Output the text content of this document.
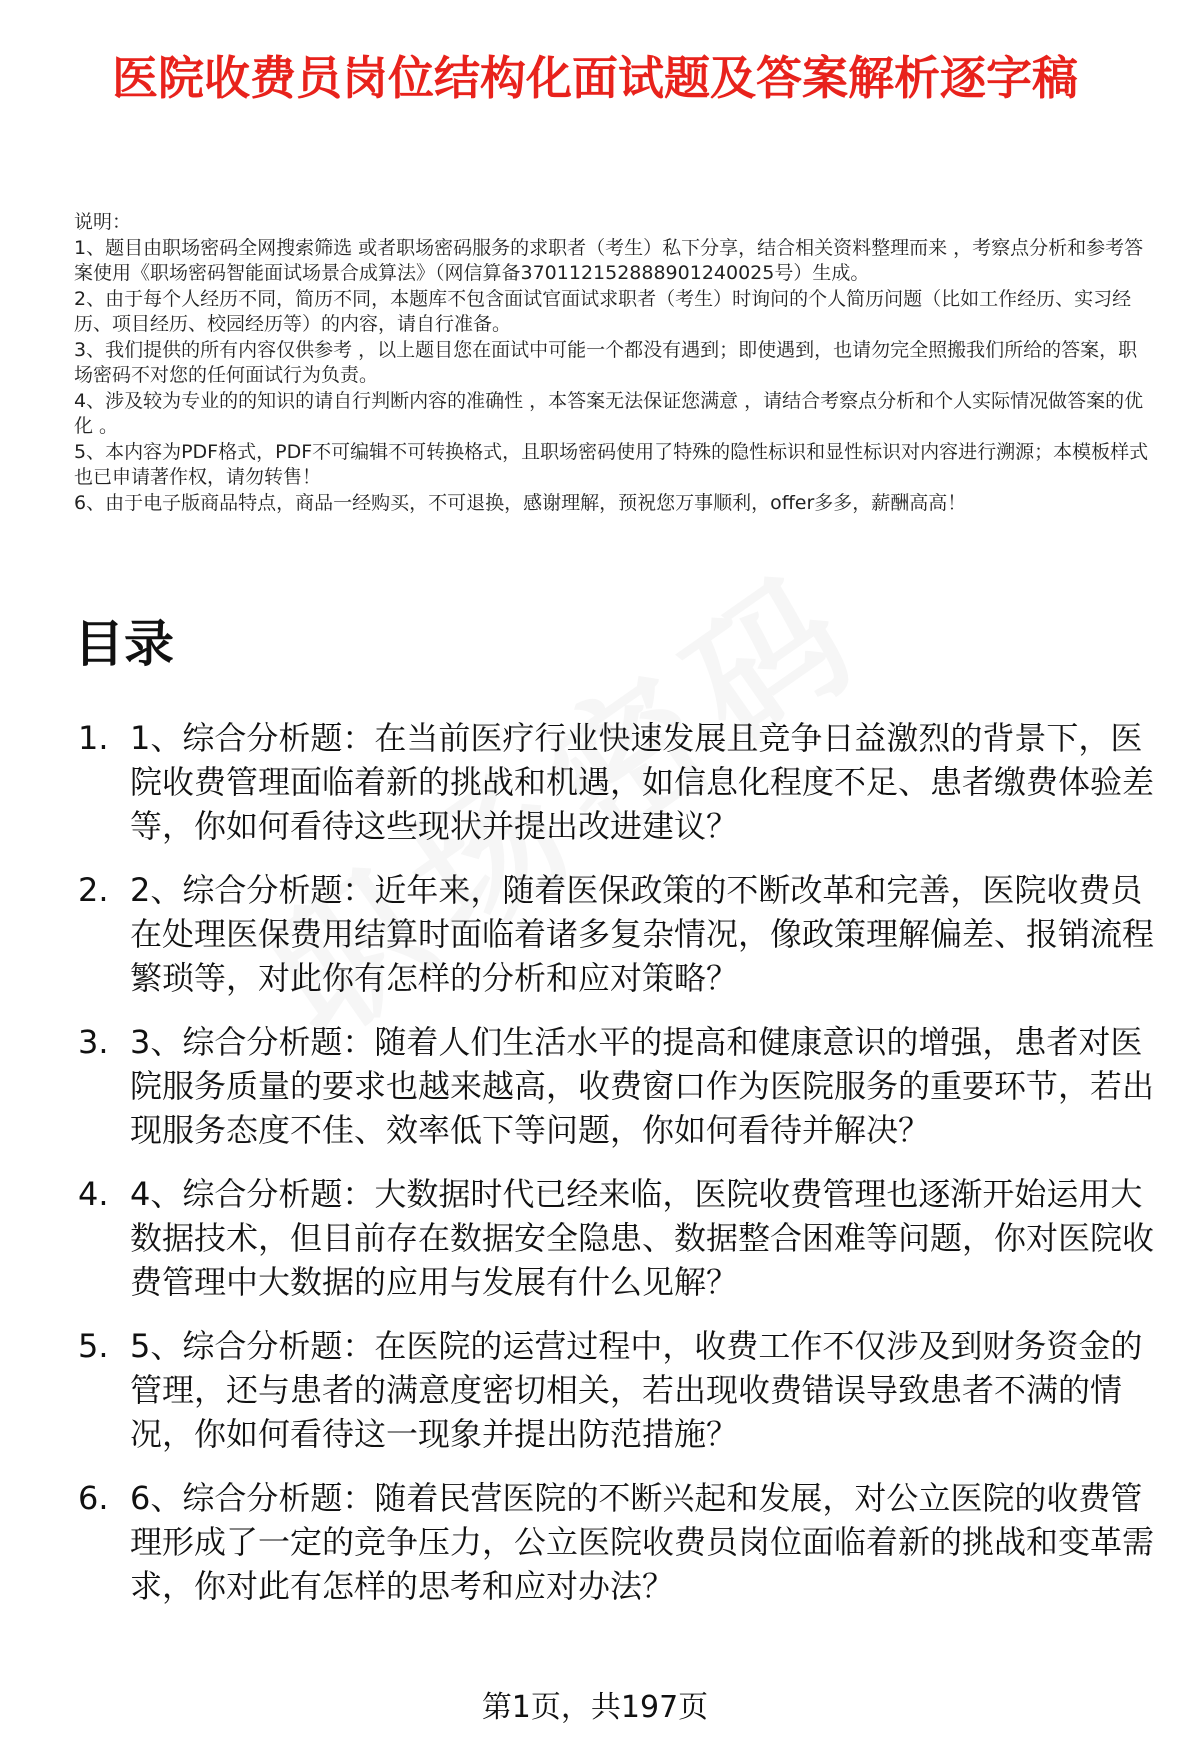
医院收费员岗位结构化面试题及答案解析逐字稿

说明：

1、题目由职场密码全网搜索筛选 或者职场密码服务的求职者（考生）私下分享，结合相关资料整理而来 ，考察点分析和参考答案使用《职场密码智能面试场景合成算法》（网信算备370112152888901240025号）生成。

2、由于每个人经历不同，简历不同，本题库不包含面试官面试求职者（考生）时询问的个人简历问题（比如工作经历、实习经历、项目经历、校园经历等）的内容，请自行准备。

3、我们提供的所有内容仅供参考 ，以上题目您在面试中可能一个都没有遇到；即使遇到，也请勿完全照搬我们所给的答案，职场密码不对您的任何面试行为负责。

4、涉及较为专业的的知识的请自行判断内容的准确性 ，本答案无法保证您满意 ，请结合考察点分析和个人实际情况做答案的优化 。

5、本内容为PDF格式，PDF不可编辑不可转换格式，且职场密码使用了特殊的隐性标识和显性标识对内容进行溯源；本模板样式也已申请著作权，请勿转售！

6、由于电子版商品特点，商品一经购买，不可退换，感谢理解，预祝您万事顺利，offer多多，薪酬高高！

目录
1. 1、综合分析题：在当前医疗行业快速发展且竞争日益激烈的背景下，医院收费管理面临着新的挑战和机遇，如信息化程度不足、患者缴费体验差等，你如何看待这些现状并提出改进建议？
2. 2、综合分析题：近年来，随着医保政策的不断改革和完善，医院收费员在处理医保费用结算时面临着诸多复杂情况，像政策理解偏差、报销流程繁琐等，对此你有怎样的分析和应对策略？
3. 3、综合分析题：随着人们生活水平的提高和健康意识的增强，患者对医院服务质量的要求也越来越高，收费窗口作为医院服务的重要环节，若出现服务态度不佳、效率低下等问题，你如何看待并解决？
4. 4、综合分析题：大数据时代已经来临，医院收费管理也逐渐开始运用大数据技术，但目前存在数据安全隐患、数据整合困难等问题，你对医院收费管理中大数据的应用与发展有什么见解？
5. 5、综合分析题：在医院的运营过程中，收费工作不仅涉及到财务资金的管理，还与患者的满意度密切相关，若出现收费错误导致患者不满的情况，你如何看待这一现象并提出防范措施？
6. 6、综合分析题：随着民营医院的不断兴起和发展，对公立医院的收费管理形成了一定的竞争压力，公立医院收费员岗位面临着新的挑战和变革需求，你对此有怎样的思考和应对办法？
第1页，共197页
